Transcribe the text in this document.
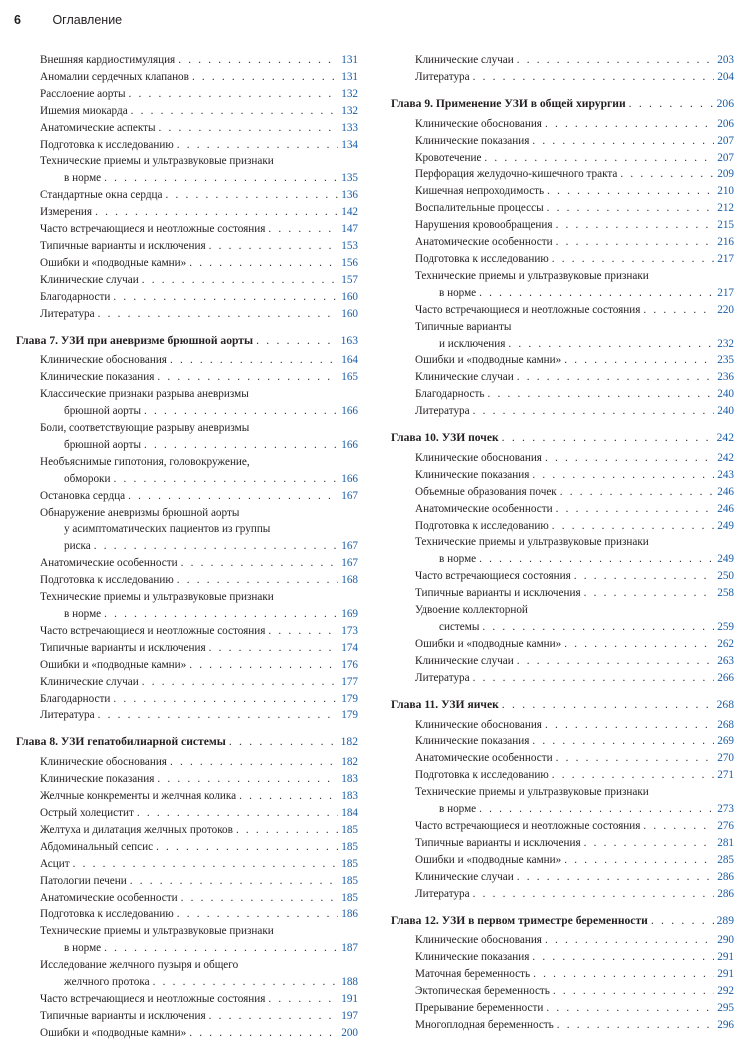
6	Оглавление
Внешняя кардиостимуляция . . .	131
Аномалии сердечных клапанов . . .	131
Расслоение аорты . . .	132
Ишемия миокарда . . .	132
Анатомические аспекты . . .	133
Подготовка к исследованию . . .	134
Технические приемы и ультразвуковые признаки
в норме . . .	135
Стандартные окна сердца . . .	136
Измерения . . .	142
Часто встречающиеся и неотложные состояния . . .	147
Типичные варианты и исключения . . .	153
Ошибки и «подводные камни» . . .	156
Клинические случаи . . .	157
Благодарности . . .	160
Литература . . .	160
Глава 7. УЗИ при аневризме брюшной аорты . . .	163
Клинические обоснования . . .	164
Клинические показания . . .	165
Классические признаки разрыва аневризмы
брюшной аорты . . .	166
Боли, соответствующие разрыву аневризмы
брюшной аорты . . .	166
Необъяснимые гипотония, головокружение,
обмороки . . .	166
Остановка сердца . . .	167
Обнаружение аневризмы брюшной аорты
у асимптоматических пациентов из группы
риска . . .	167
Анатомические особенности . . .	167
Подготовка к исследованию . . .	168
Технические приемы и ультразвуковые признаки
в норме . . .	169
Часто встречающиеся и неотложные состояния . . .	173
Типичные варианты и исключения . . .	174
Ошибки и «подводные камни» . . .	176
Клинические случаи . . .	177
Благодарности . . .	179
Литература . . .	179
Глава 8. УЗИ гепатобилиарной системы . . .	182
Клинические обоснования . . .	182
Клинические показания . . .	183
Желчные конкременты и желчная колика . . .	183
Острый холецистит . . .	184
Желтуха и дилатация желчных протоков . . .	185
Абдоминальный сепсис . . .	185
Асцит . . .	185
Патологии печени . . .	185
Анатомические особенности . . .	185
Подготовка к исследованию . . .	186
Технические приемы и ультразвуковые признаки
в норме . . .	187
Исследование желчного пузыря и общего
желчного протока . . .	188
Часто встречающиеся и неотложные состояния . . .	191
Типичные варианты и исключения . . .	197
Ошибки и «подводные камни» . . .	200
Клинические случаи . . .	203
Литература . . .	204
Глава 9. Применение УЗИ в общей хирургии . . .	206
Клинические обоснования . . .	206
Клинические показания . . .	207
Кровотечение . . .	207
Перфорация желудочно-кишечного тракта . . .	209
Кишечная непроходимость . . .	210
Воспалительные процессы . . .	212
Нарушения кровообращения . . .	215
Анатомические особенности . . .	216
Подготовка к исследованию . . .	217
Технические приемы и ультразвуковые признаки
в норме . . .	217
Часто встречающиеся и неотложные состояния . . .	220
Типичные варианты
и исключения . . .	232
Ошибки и «подводные камни» . . .	235
Клинические случаи . . .	236
Благодарность . . .	240
Литература . . .	240
Глава 10. УЗИ почек . . .	242
Клинические обоснования . . .	242
Клинические показания . . .	243
Объемные образования почек . . .	246
Анатомические особенности . . .	246
Подготовка к исследованию . . .	249
Технические приемы и ультразвуковые признаки
в норме . . .	249
Часто встречающиеся состояния . . .	250
Типичные варианты и исключения . . .	258
Удвоение коллекторной
системы . . .	259
Ошибки и «подводные камни» . . .	262
Клинические случаи . . .	263
Литература . . .	266
Глава 11. УЗИ яичек . . .	268
Клинические обоснования . . .	268
Клинические показания . . .	269
Анатомические особенности . . .	270
Подготовка к исследованию . . .	271
Технические приемы и ультразвуковые признаки
в норме . . .	273
Часто встречающиеся и неотложные состояния . . .	276
Типичные варианты и исключения . . .	281
Ошибки и «подводные камни» . . .	285
Клинические случаи . . .	286
Литература . . .	286
Глава 12. УЗИ в первом триместре беременности . . .	289
Клинические обоснования . . .	290
Клинические показания . . .	291
Маточная беременность . . .	291
Эктопическая беременность . . .	292
Прерывание беременности . . .	295
Многоплодная беременность . . .	296
